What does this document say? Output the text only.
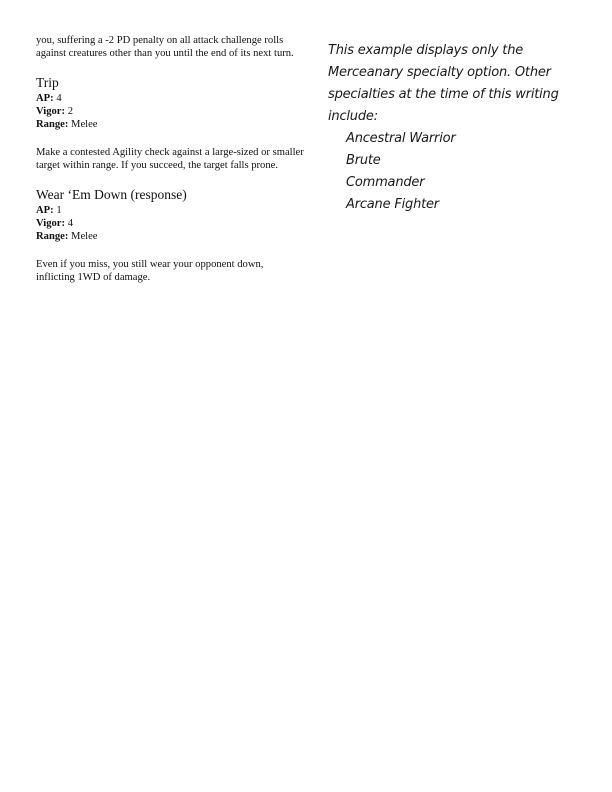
you, suffering a -2 PD penalty on all attack challenge rolls against creatures other than you until the end of its next turn.

Trip

AP: 4

Vigor: 2

Range: Melee

Make a contested Agility check against a large-sized or smaller target within range. If you succeed, the target falls prone.

Wear ‘Em Down (response)

AP: 1

Vigor: 4

Range: Melee

Even if you miss, you still wear your opponent down, inflicting 1WD of damage.

This example displays only the Merceanary specialty option. Other specialties at the time of this writing include:
Ancestral Warrior
Brute
Commander
Arcane Fighter
